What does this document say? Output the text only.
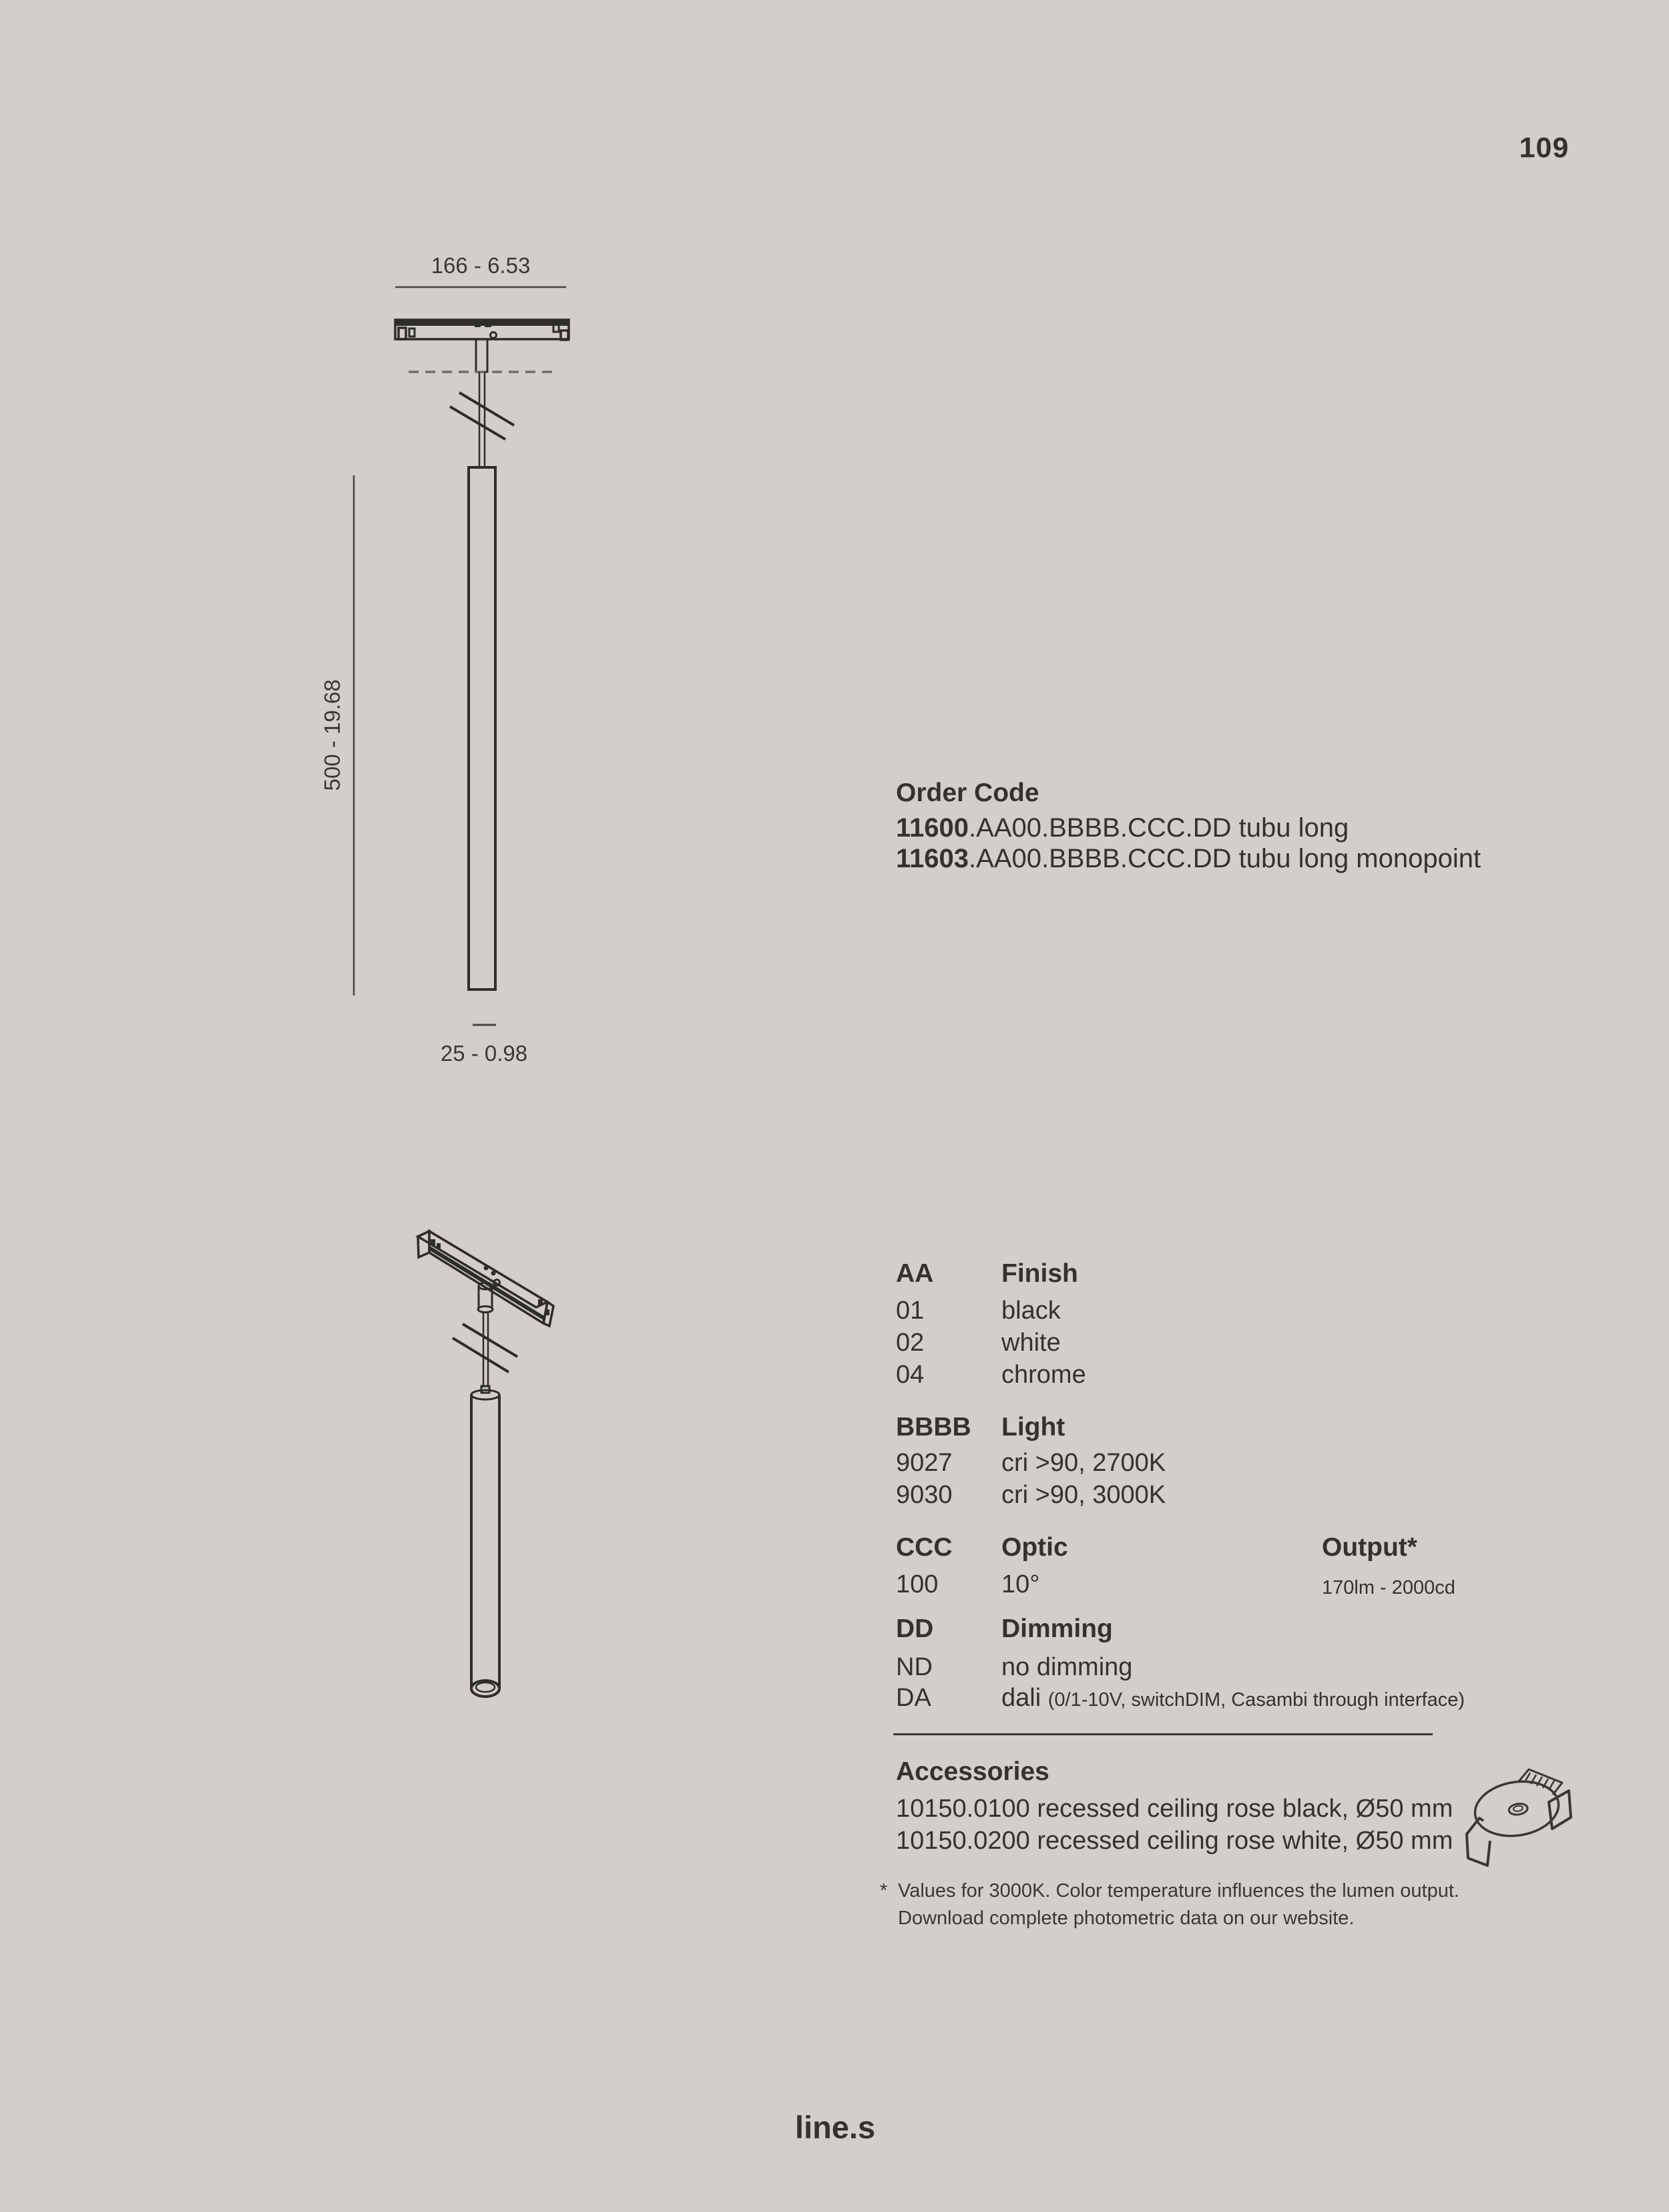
109
166 - 6.53
500 - 19.68
25 - 0.98
Order Code
11600.AA00.BBBB.CCC.DD tubu long
11603.AA00.BBBB.CCC.DD tubu long monopoint
AA	Finish
01	black
02	white
04	chrome
BBBB	Light
9027	cri >90, 2700K
9030	cri >90, 3000K
CCC	Optic	Output*
100	10°	170lm - 2000cd
DD	Dimming
ND	no dimming
DA	dali (0/1-10V, switchDIM, Casambi through interface)
Accessories
10150.0100 recessed ceiling rose black, Ø50 mm
10150.0200 recessed ceiling rose white, Ø50 mm
* Values for 3000K. Color temperature influences the lumen output.
Download complete photometric data on our website.
line.s
